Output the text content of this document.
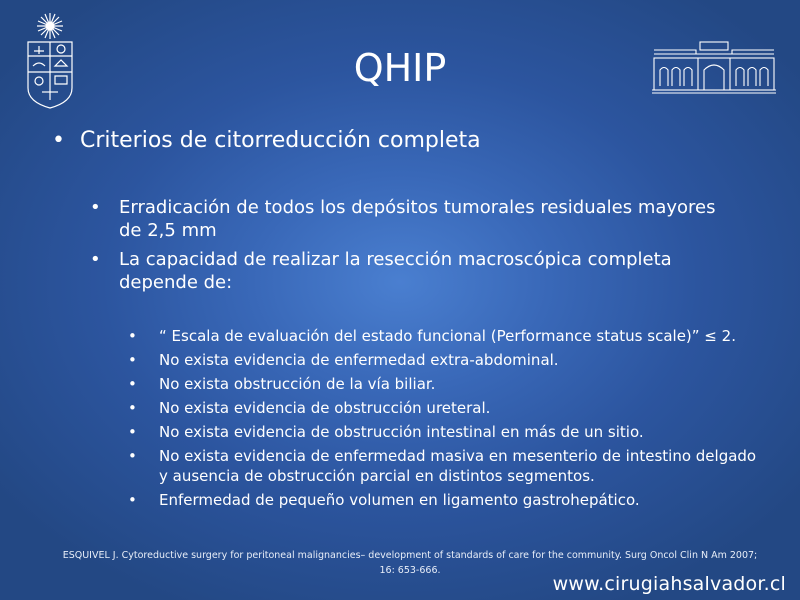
QHIP
• Criterios de citorreducción completa
• Erradicación de todos los depósitos tumorales residuales mayores de 2,5 mm
• La capacidad de realizar la resección macroscópica completa depende de:
• “ Escala de evaluación del estado funcional (Performance status scale)” ≤ 2.
• No exista evidencia de enfermedad extra-abdominal.
• No exista obstrucción de la vía biliar.
• No exista evidencia de obstrucción ureteral.
• No exista evidencia de obstrucción intestinal en más de un sitio.
• No exista evidencia de enfermedad masiva en mesenterio de intestino delgado y ausencia de obstrucción parcial en distintos segmentos.
• Enfermedad de pequeño volumen en ligamento gastrohepático.
ESQUIVEL J. Cytoreductive surgery for peritoneal malignancies– development of standards of care for the community. Surg Oncol Clin N Am 2007; 16: 653-666.
www.cirugiahsalvador.cl
